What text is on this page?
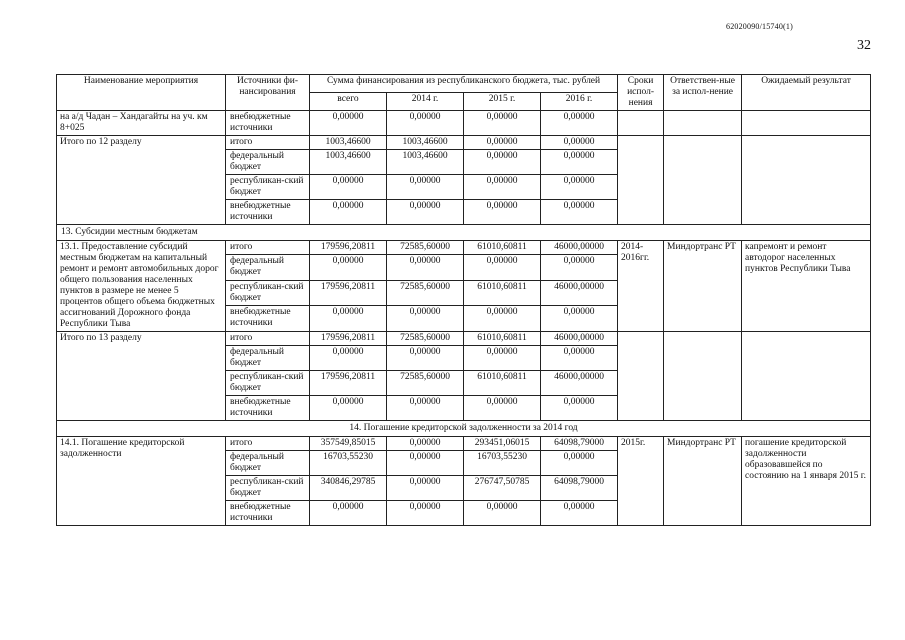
62020090/15740(1)
32
Наименование мероприятия	Источники фи-нансирования	Сумма финансирования из республиканского бюджета, тыс. рублей				Сроки испол-нения	Ответствен-ные за испол-нение	Ожидаемый результат
		всего	2014 г.	2015 г.	2016 г.			
на а/д Чадан – Хандагайты на уч. км 8+025	внебюджетные источники	0,00000	0,00000	0,00000	0,00000			
Итого по 12 разделу	итого	1003,46600	1003,46600	0,00000	0,00000			
	федеральный бюджет	1003,46600	1003,46600	0,00000	0,00000			
	республикан-ский бюджет	0,00000	0,00000	0,00000	0,00000			
	внебюджетные источники	0,00000	0,00000	0,00000	0,00000			
13. Субсидии местным бюджетам								
13.1. Предоставление субсидий местным бюджетам на капитальный ремонт и ремонт автомобильных дорог общего пользования населенных пунктов в размере не менее 5 процентов общего объема бюджетных ассигнований Дорожного фонда Республики Тыва	итого	179596,20811	72585,60000	61010,60811	46000,00000	2014-2016гг.	Миндортранс РТ	капремонт и ремонт автодорог населенных пунктов Республики Тыва
	федеральный бюджет	0,00000	0,00000	0,00000	0,00000			
	республикан-ский бюджет	179596,20811	72585,60000	61010,60811	46000,00000			
	внебюджетные источники	0,00000	0,00000	0,00000	0,00000			
Итого по 13 разделу	итого	179596,20811	72585,60000	61010,60811	46000,00000			
	федеральный бюджет	0,00000	0,00000	0,00000	0,00000			
	республикан-ский бюджет	179596,20811	72585,60000	61010,60811	46000,00000			
	внебюджетные источники	0,00000	0,00000	0,00000	0,00000			
14. Погашение кредиторской задолженности за 2014 год								
14.1. Погашение кредиторской задолженности	итого	357549,85015	0,00000	293451,06015	64098,79000	2015г.	Миндортранс РТ	погашение кредиторской задолженности образовавшейся по состоянию на 1 января 2015 г.
	федеральный бюджет	16703,55230	0,00000	16703,55230	0,00000			
	республикан-ский бюджет	340846,29785	0,00000	276747,50785	64098,79000			
	внебюджетные источники	0,00000	0,00000	0,00000	0,00000			
